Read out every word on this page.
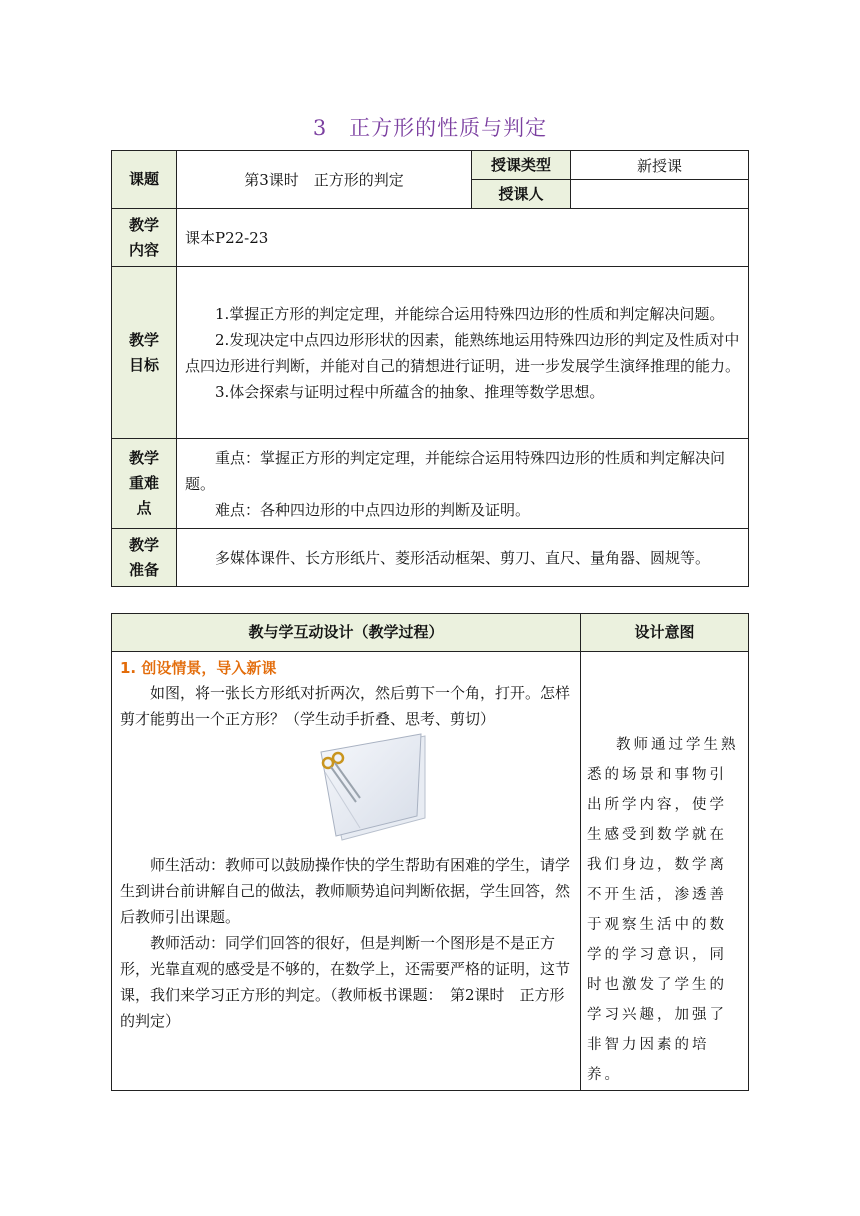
3　正方形的性质与判定
课题	第3课时　正方形的判定	授课类型	新授课
		授课人	

教学内容	课本P22-23		

教学目标	1.掌握正方形的判定定理，并能综合运用特殊四边形的性质和判定解决问题。

2.发现决定中点四边形形状的因素，能熟练地运用特殊四边形的判定及性质对中点四边形进行判断，并能对自己的猜想进行证明，进一步发展学生演绎推理的能力。

3.体会探索与证明过程中所蕴含的抽象、推理等数学思想。		

教学重难点	重点：掌握正方形的判定定理，并能综合运用特殊四边形的性质和判定解决问题。

难点：各种四边形的中点四边形的判断及证明。		

教学准备	多媒体课件、长方形纸片、菱形活动框架、剪刀、直尺、量角器、圆规等。		

教与学互动设计（教学过程）	设计意图

1. 创设情景，导入新课

如图，将一张长方形纸对折两次，然后剪下一个角，打开。怎样剪才能剪出一个正方形？（学生动手折叠、思考、剪切）

师生活动：教师可以鼓励操作快的学生帮助有困难的学生，请学生到讲台前讲解自己的做法，教师顺势追问判断依据，学生回答，然后教师引出课题。

教师活动：同学们回答的很好，但是判断一个图形是不是正方形，光靠直观的感受是不够的，在数学上，还需要严格的证明，这节课，我们来学习正方形的判定。（教师板书课题：　第2课时　正方形的判定）	教师通过学生熟悉的场景和事物引出所学内容，使学生感受到数学就在我们身边，数学离不开生活，渗透善于观察生活中的数学的学习意识，同时也激发了学生的学习兴趣，加强了非智力因素的培养。
